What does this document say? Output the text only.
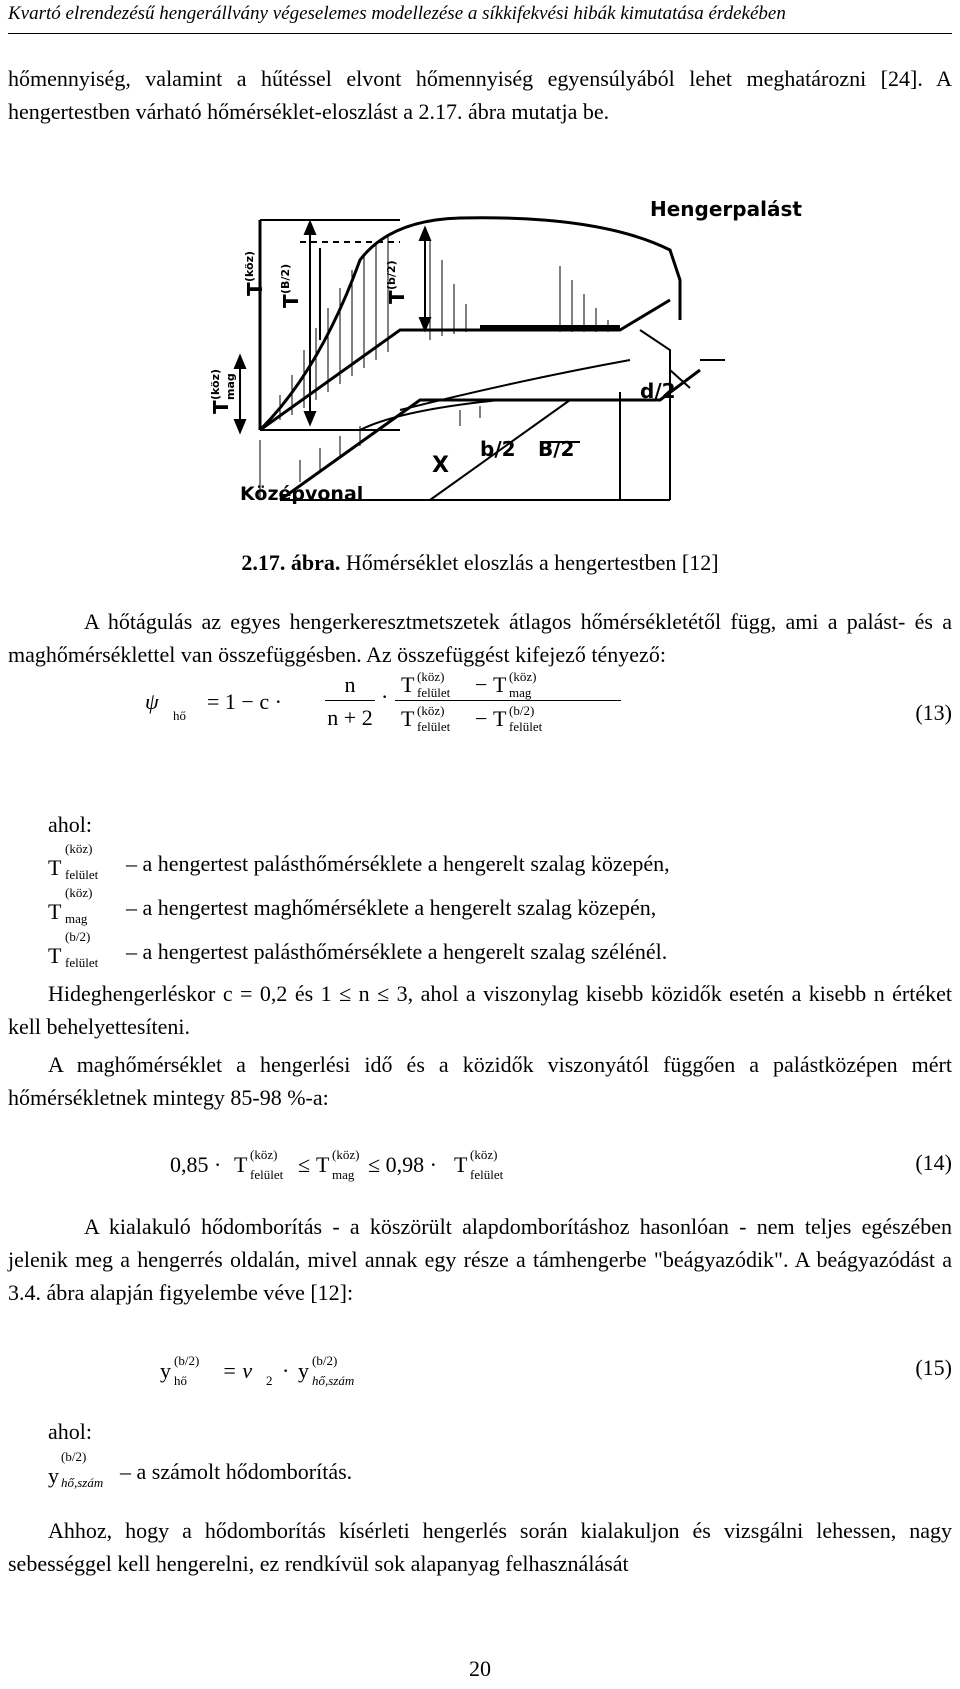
Kvartó elrendezésű hengerállvány végeselemes modellezése a síkkifekvési hibák kimutatása érdekében

hőmennyiség, valamint a hűtéssel elvont hőmennyiség egyensúlyából lehet meghatározni [24]. A hengertestben várható hőmérséklet-eloszlást a 2.17. ábra mutatja be.

Hengerpalást
Középvonal
X
b/2 B/2
d/2
T
(köz)
T
(B/2)
T
(b/2)
T
(köz) mag
2.17. ábra. Hőmérséklet eloszlás a hengertestben [12]

A hőtágulás az egyes hengerkeresztmetszetek átlagos hőmérsékletétől függ, ami a palást- és a maghőmérséklettel van összefüggésben. Az összefüggést kifejező tényező:

ψ
hő
= $1 - c \cdot \frac{n}{n + 2} \cdot T$ (köz)
felület − T (köz)
mag
T (köz)
felület − T (b/2)
felület
(13)
ahol:
T
(köz)
felület – a hengertest palásthőmérséklete a hengerelt szalag közepén,
T
(köz)
mag – a hengertest maghőmérséklete a hengerelt szalag közepén,
T
(b/2)
felület – a hengertest palásthőmérséklete a hengerelt szalag szélénél.

Hideghengerléskor c = 0,2 és 1 ≤ n ≤ 3, ahol a viszonylag kisebb közidők esetén a kisebb n értéket kell behelyettesíteni.

A maghőmérséklet a hengerlési idő és a közidők viszonyától függően a palástközépen mért hőmérsékletnek mintegy 85-98 %-a:

0,85 · T (köz)
felület ≤ T (köz)
mag ≤ 0,98 · T (köz)
felület	(14)

A kialakuló hődomborítás - a köszörült alapdomborításhoz hasonlóan - nem teljes egészében jelenik meg a hengerrés oldalán, mivel annak egy része a támhengerbe "beágyazódik". A beágyazódást a 3.4. ábra alapján figyelembe véve [12]:

y (b/2)
hő = ν 2 · y (b/2)
hő,szám
(15)
ahol:
y
(b/2)
hő,szám – a számolt hődomborítás.

Ahhoz, hogy a hődomborítás kísérleti hengerlés során kialakuljon és vizsgálni lehessen, nagy sebességgel kell hengerelni, ez rendkívül sok alapanyag felhasználását

20
